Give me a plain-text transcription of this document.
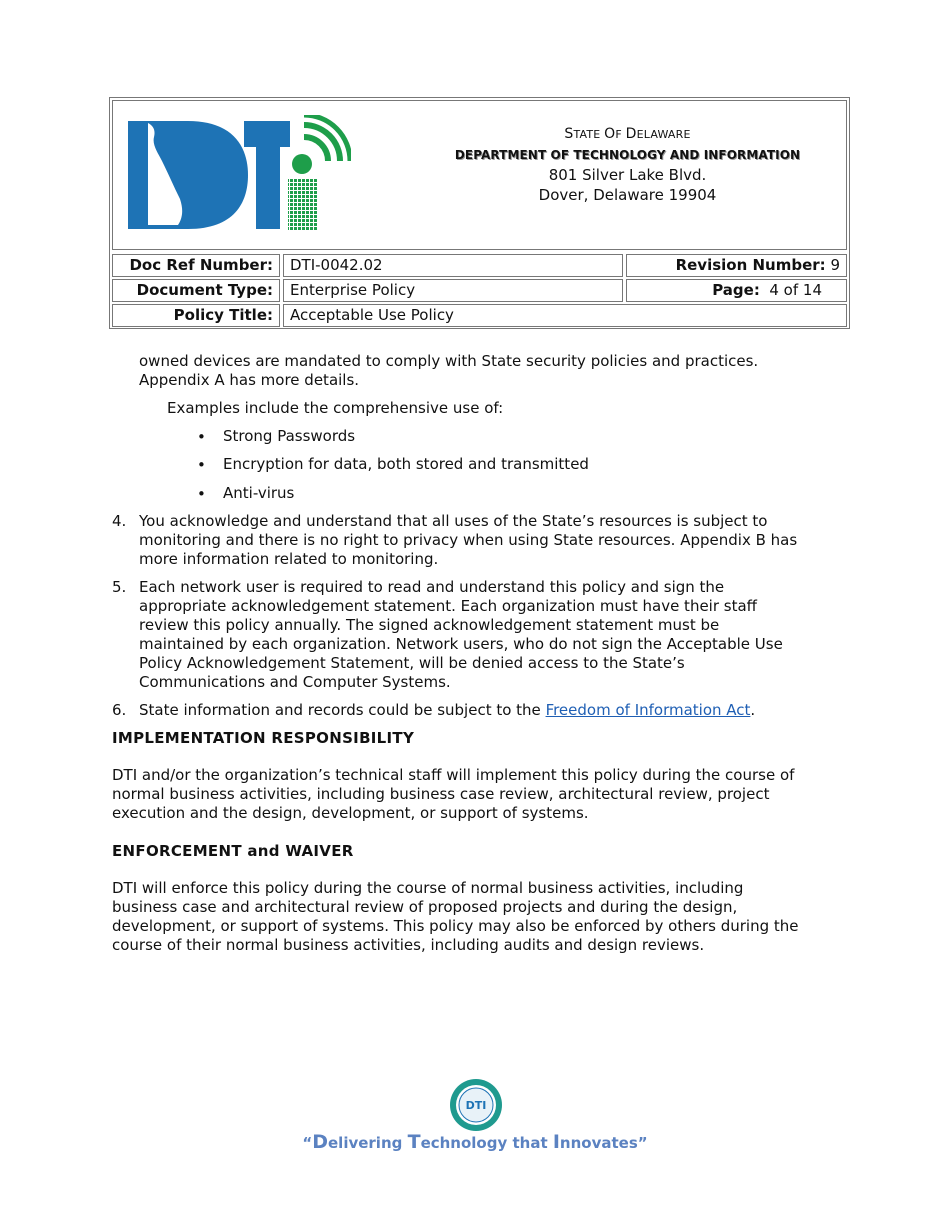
STATE OF DELAWARE
DEPARTMENT OF TECHNOLOGY AND INFORMATION
801 Silver Lake Blvd.
Dover, Delaware 19904
Doc Ref Number:	DTI-0042.02	Revision Number: 9
Document Type:	Enterprise Policy	Page: 4 of 14
Policy Title:	Acceptable Use Policy
owned devices are mandated to comply with State security policies and practices.
Appendix A has more details.
Examples include the comprehensive use of:
• Strong Passwords
• Encryption for data, both stored and transmitted
• Anti-virus
4. You acknowledge and understand that all uses of the State’s resources is subject to
monitoring and there is no right to privacy when using State resources. Appendix B has
more information related to monitoring.
5. Each network user is required to read and understand this policy and sign the
appropriate acknowledgement statement. Each organization must have their staff
review this policy annually. The signed acknowledgement statement must be
maintained by each organization. Network users, who do not sign the Acceptable Use
Policy Acknowledgement Statement, will be denied access to the State’s
Communications and Computer Systems.
6. State information and records could be subject to the Freedom of Information Act.
IMPLEMENTATION RESPONSIBILITY
DTI and/or the organization’s technical staff will implement this policy during the course of
normal business activities, including business case review, architectural review, project
execution and the design, development, or support of systems.
ENFORCEMENT and WAIVER
DTI will enforce this policy during the course of normal business activities, including
business case and architectural review of proposed projects and during the design,
development, or support of systems. This policy may also be enforced by others during the
course of their normal business activities, including audits and design reviews.
DTI
“Delivering Technology that Innovates”
